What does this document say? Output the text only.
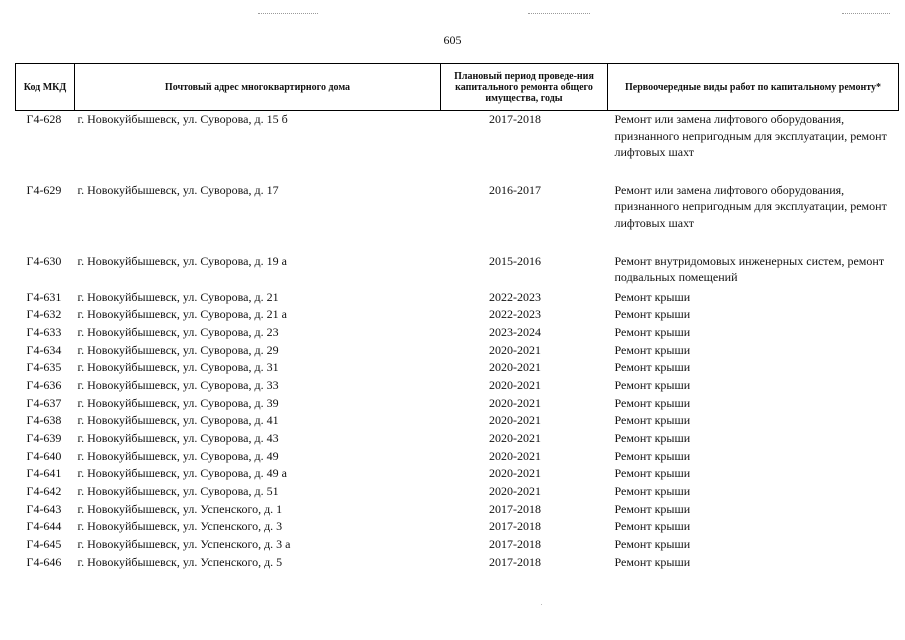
605
Код МКД	Почтовый адрес многоквартирного дома	Плановый период проведе-ния капитального ремонта общего имущества, годы	Первоочередные виды работ по капитальному ремонту*
Г4-628	г. Новокуйбышевск, ул. Суворова, д. 15 б	2017-2018	Ремонт или замена лифтового оборудования, признанного непригодным для эксплуатации, ремонт лифтовых шахт
Г4-629	г. Новокуйбышевск, ул. Суворова, д. 17	2016-2017	Ремонт или замена лифтового оборудования, признанного непригодным для эксплуатации, ремонт лифтовых шахт
Г4-630	г. Новокуйбышевск, ул. Суворова, д. 19 а	2015-2016	Ремонт внутридомовых инженерных систем, ремонт подвальных помещений
Г4-631	г. Новокуйбышевск, ул. Суворова, д. 21	2022-2023	Ремонт крыши
Г4-632	г. Новокуйбышевск, ул. Суворова, д. 21 а	2022-2023	Ремонт крыши
Г4-633	г. Новокуйбышевск, ул. Суворова, д. 23	2023-2024	Ремонт крыши
Г4-634	г. Новокуйбышевск, ул. Суворова, д. 29	2020-2021	Ремонт крыши
Г4-635	г. Новокуйбышевск, ул. Суворова, д. 31	2020-2021	Ремонт крыши
Г4-636	г. Новокуйбышевск, ул. Суворова, д. 33	2020-2021	Ремонт крыши
Г4-637	г. Новокуйбышевск, ул. Суворова, д. 39	2020-2021	Ремонт крыши
Г4-638	г. Новокуйбышевск, ул. Суворова, д. 41	2020-2021	Ремонт крыши
Г4-639	г. Новокуйбышевск, ул. Суворова, д. 43	2020-2021	Ремонт крыши
Г4-640	г. Новокуйбышевск, ул. Суворова, д. 49	2020-2021	Ремонт крыши
Г4-641	г. Новокуйбышевск, ул. Суворова, д. 49 а	2020-2021	Ремонт крыши
Г4-642	г. Новокуйбышевск, ул. Суворова, д. 51	2020-2021	Ремонт крыши
Г4-643	г. Новокуйбышевск, ул. Успенского, д. 1	2017-2018	Ремонт крыши
Г4-644	г. Новокуйбышевск, ул. Успенского, д. 3	2017-2018	Ремонт крыши
Г4-645	г. Новокуйбышевск, ул. Успенского, д. 3 а	2017-2018	Ремонт крыши
Г4-646	г. Новокуйбышевск, ул. Успенского, д. 5	2017-2018	Ремонт крыши
